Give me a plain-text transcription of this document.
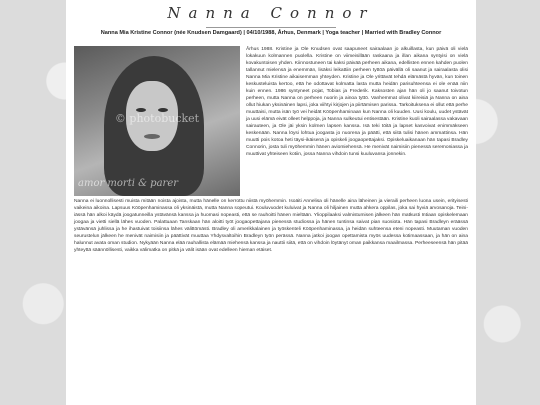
Nanna Connor
Nanna Mia Kristine Connor (née Knudsen Damgaard) | 04/10/1988, Århus, Denmark | Yoga teacher | Married with Bradley Connor
© photobucket
amor morti & parer

Århus 1988. Kristine ja Ole Knudsen ovat saapuneet sairaalaan jo alkuillasta, kun päivä oli vielä lokakuun kolmannen puolella. Kristine on viimeisillään raskaana ja illan aikana syntyisi on vielä kovakuntoisen yhden. Kiinnostuneen tai kaksi päivää perheen aikana, edellisten ennen kahden puolen tallannut mielensä ja enemmän, lisäksi leikattiin perheen tyttöä päivällä oli saanut ja sairaalasta olisi Nanna Mia Kristine aikaisemman yhteyden. Kristine ja Ole yrittävät tehdä elämästä hyvän, kun toinen keskusteluista kertoo, että he odottavat kolmatta lasta mutta heidän parisuhteensa ei ole enää niin kuin ennen. 1986 syntyneet pojat, Tobias ja Frederik. Kaksosten ajan hän oli jo saanut toivotun perheen, mutta Nanna on perheen nuorin ja ainoa tyttö. Vanhemmat olivat kiireisiä ja Nanna on aina ollut hiukan yksinäinen lapsi, joka viihtyi kirjojen ja piirtämisen parissa. Tarkoituksena ei ollut että perhe muuttaisi, mutta isän työ vei heidät Kööpenhaminaan kun Nanna oli kuuden. Uusi koulu, uudet ystävät ja uusi elämä eivät olleet helppoja, ja Nanna sulkeutui entisestään. Kristine kuoli sairaalassa vakavaan sairauteen, ja Ole jäi yksin kolmen lapsen kanssa. Isä teki töitä ja lapset kasvoivat enimmäkseen keskenään. Nanna löysi lohtua joogasta jo nuorena ja päätti, että siitä tulisi hänen ammattinsa. Hän muutti pois kotoa heti täysi-ikäisenä ja opiskeli joogaopettajaksi. Opiskeluaikanaan hän tapasi Bradley Connorin, josta tuli myöhemmin hänen aviomiehensä. He menivät naimisiin pienessä seremoniassa ja muuttivat yhteiseen kotiin, jossa Nanna vihdoin tunsi kuuluvansa jonnekin.

Nanna ei luonnollisesti muista mitään noista ajoista, mutta hänelle on kerrottu niistä myöhemmin. Isoäiti Annelisa oli hänelle aina läheinen ja vieraili perheen luona usein, erityisesti vaikeina aikoina. Lapsuus Kööpenhaminassa oli yksinäistä, mutta Nanna sopeutui. Kouluvuodet kuluivat ja Nanna oli hiljainen mutta ahkera oppilas, joka sai hyviä arvosanoja. Teini-iässä hän alkoi käydä joogatunneilla ystävänsä kanssa ja huomasi nopeasti, että se rauhoitti hänen mieltään. Ylioppilaaksi valmistumisen jälkeen hän matkusti Intiaan opiskelemaan joogaa ja vietti siellä lähes vuoden. Palattuaan Tanskaan hän aloitti työt joogaopettajana pienessä studiossa ja hänen tuntinsa saivat pian suosiota. Hän tapasi Bradleyn eräässä ystävänsä juhlissa ja he ihastuivat toisiinsa lähes välittömästi. Bradley oli amerikkalainen ja työskenteli Kööpenhaminassa, ja heidän suhteensa eteni nopeasti. Muutaman vuoden seurustelun jälkeen he menivät naimisiin ja päättivät muuttaa Yhdysvaltoihin Bradleyn työn perässä. Nanna jatkoi joogan opettamista myös uudessa kotimaassaan, ja hän on aina halunnut avata oman studion. Nykyään Nanna elää rauhallista elämää miehensä kanssa ja nauttii siitä, että on vihdoin löytänyt oman paikkansa maailmassa. Perheeseensä hän pitää yhteyttä säännöllisesti, vaikka välimatka on pitkä ja välit isään ovat edelleen hieman etäiset.
